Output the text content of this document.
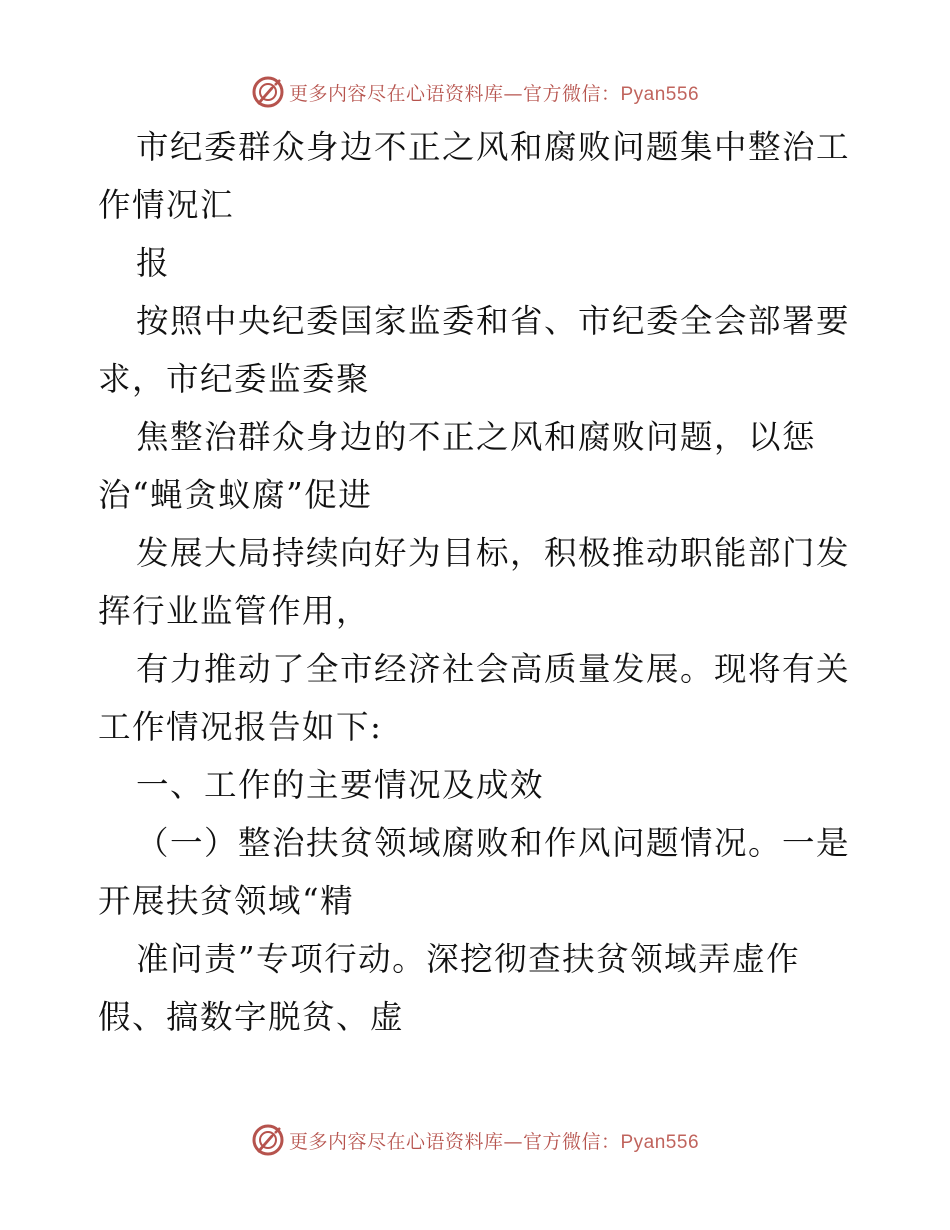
更多内容尽在心语资料库—官方微信：Pyan556
市纪委群众身边不正之风和腐败问题集中整治工
作情况汇
报
按照中央纪委国家监委和省、市纪委全会部署要
求，市纪委监委聚
焦整治群众身边的不正之风和腐败问题，以惩
治“蝇贪蚁腐”促进
发展大局持续向好为目标，积极推动职能部门发
挥行业监管作用，
有力推动了全市经济社会高质量发展。现将有关
工作情况报告如下:
一、工作的主要情况及成效
（一）整治扶贫领域腐败和作风问题情况。一是
开展扶贫领域“精
准问责”专项行动。深挖彻查扶贫领域弄虚作
假、搞数字脱贫、虚
更多内容尽在心语资料库—官方微信：Pyan556
